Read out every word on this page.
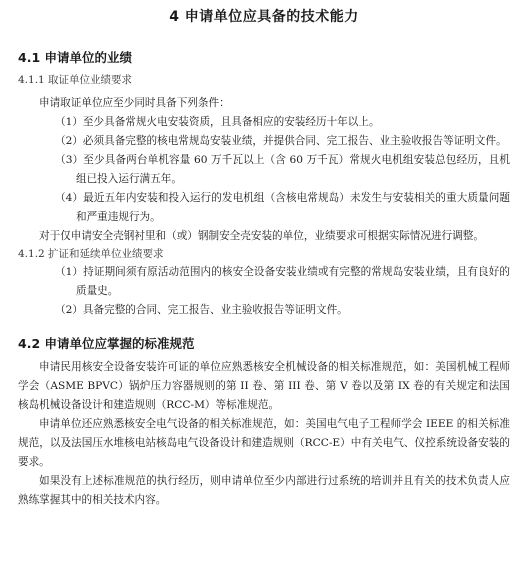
4 申请单位应具备的技术能力
4.1 申请单位的业绩
4.1.1 取证单位业绩要求

申请取证单位应至少同时具备下列条件：

（1）至少具备常规火电安装资质，且具备相应的安装经历十年以上。

（2）必须具备完整的核电常规岛安装业绩，并提供合同、完工报告、业主验收报告等证明文件。

（3）至少具备两台单机容量 60 万千瓦以上（含 60 万千瓦）常规火电机组安装总包经历，且机组已投入运行满五年。

（4）最近五年内安装和投入运行的发电机组（含核电常规岛）未发生与安装相关的重大质量问题和严重违规行为。

对于仅申请安全壳钢衬里和（或）钢制安全壳安装的单位，业绩要求可根据实际情况进行调整。

4.1.2 扩证和延续单位业绩要求

（1）持证期间须有原活动范围内的核安全设备安装业绩或有完整的常规岛安装业绩，且有良好的质量史。

（2）具备完整的合同、完工报告、业主验收报告等证明文件。

4.2 申请单位应掌握的标准规范

申请民用核安全设备安装许可证的单位应熟悉核安全机械设备的相关标准规范，如：美国机械工程师学会（ASME BPVC）锅炉压力容器规则的第 II 卷、第 III 卷、第 V 卷以及第 IX 卷的有关规定和法国核岛机械设备设计和建造规则（RCC-M）等标准规范。

申请单位还应熟悉核安全电气设备的相关标准规范，如：美国电气电子工程师学会 IEEE 的相关标准规范，以及法国压水堆核电站核岛电气设备设计和建造规则（RCC-E）中有关电气、仪控系统设备安装的要求。

如果没有上述标准规范的执行经历，则申请单位至少内部进行过系统的培训并且有关的技术负责人应熟练掌握其中的相关技术内容。
